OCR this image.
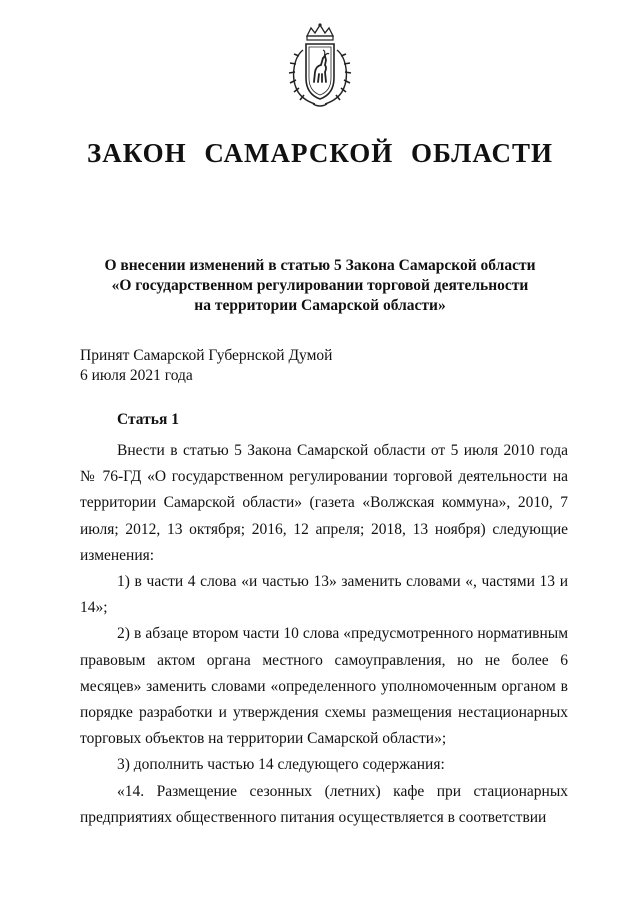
ЗАКОН САМАРСКОЙ ОБЛАСТИ
О внесении изменений в статью 5 Закона Самарской области
«О государственном регулировании торговой деятельности
на территории Самарской области»
Принят Самарской Губернской Думой
6 июля 2021 года
Статья 1

Внести в статью 5 Закона Самарской области от 5 июля 2010 года № 76-ГД «О государственном регулировании торговой деятельности на территории Самарской области» (газета «Волжская коммуна», 2010, 7 июля; 2012, 13 октября; 2016, 12 апреля; 2018, 13 ноября) следующие изменения:

1) в части 4 слова «и частью 13» заменить словами «, частями 13 и 14»;

2) в абзаце втором части 10 слова «предусмотренного нормативным правовым актом органа местного самоуправления, но не более 6 месяцев» заменить словами «определенного уполномоченным органом в порядке разработки и утверждения схемы размещения нестационарных торговых объектов на территории Самарской области»;

3) дополнить частью 14 следующего содержания:

«14. Размещение сезонных (летних) кафе при стационарных предприятиях общественного питания осуществляется в соответствии
